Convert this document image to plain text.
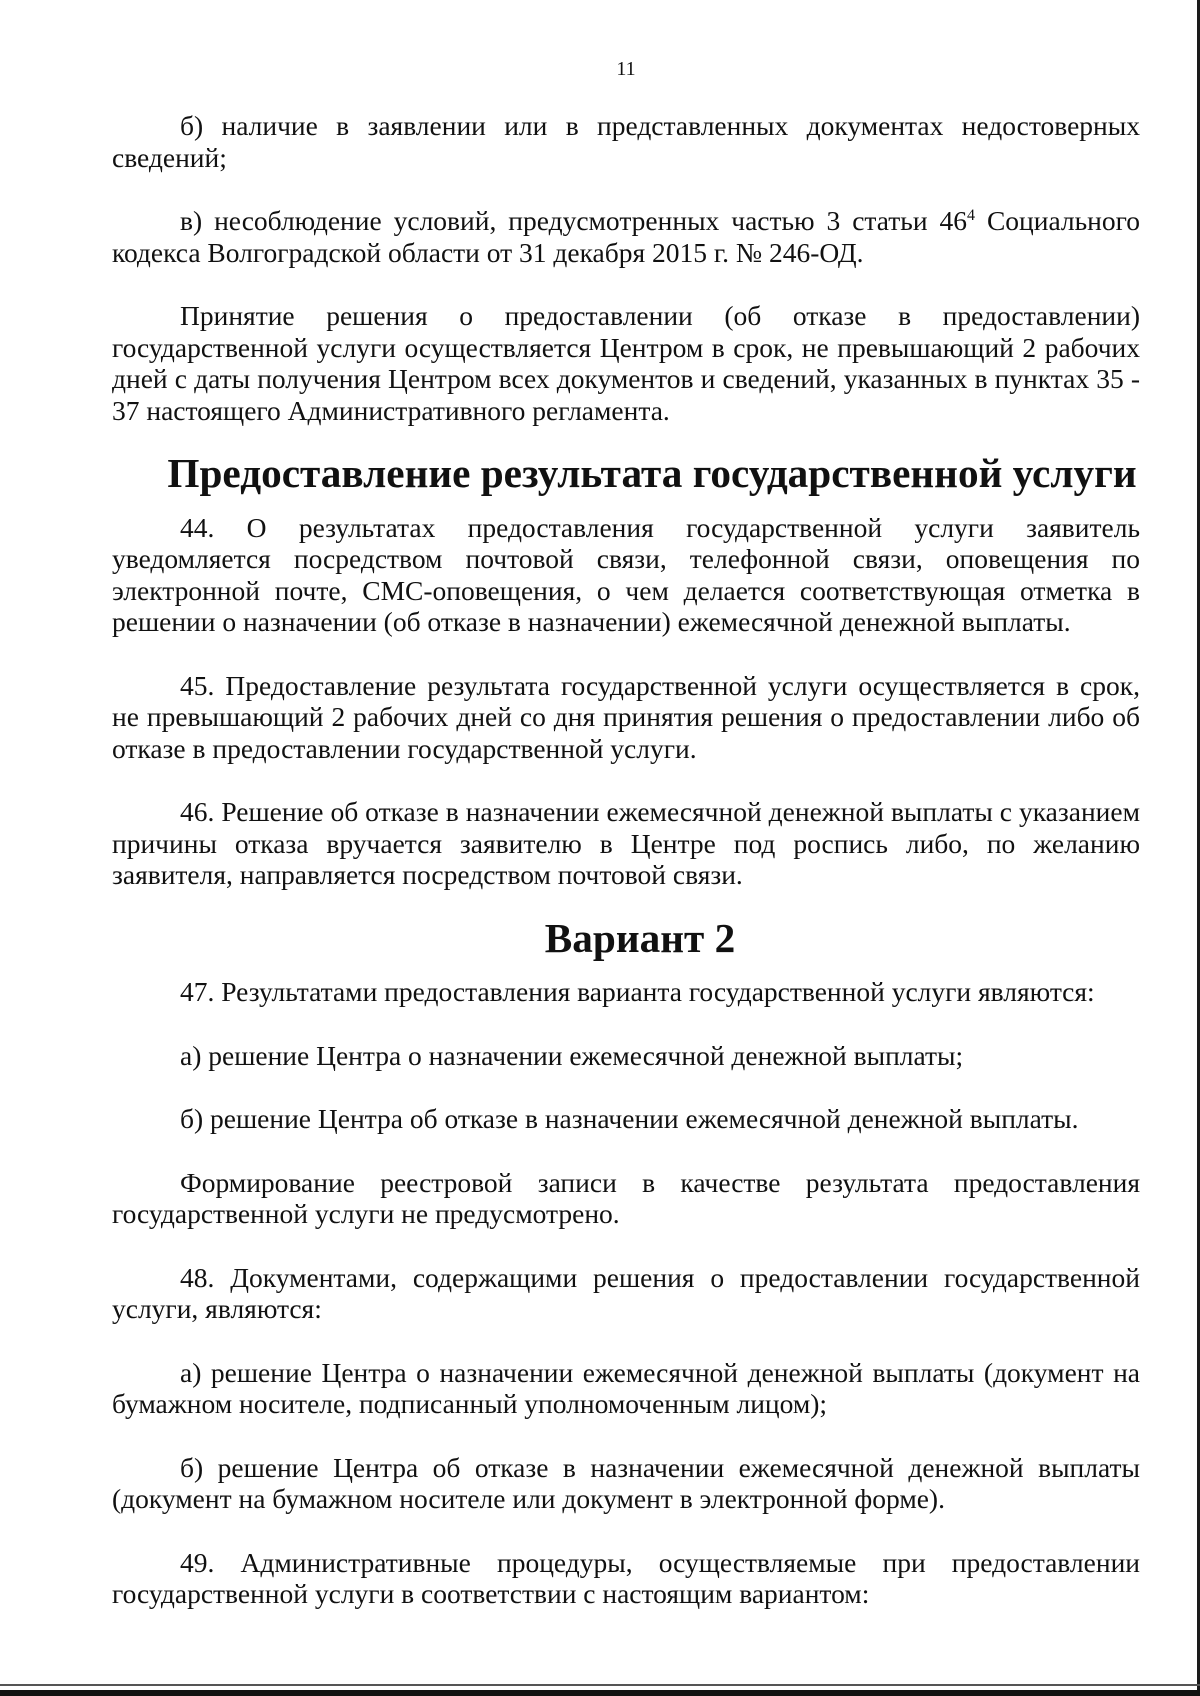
11

б) наличие в заявлении или в представленных документах недостоверных сведений;

в) несоблюдение условий, предусмотренных частью 3 статьи $46^4$ Социального кодекса Волгоградской области от 31 декабря 2015 г. № 246-ОД.

Принятие решения о предоставлении (об отказе в предоставлении) государственной услуги осуществляется Центром в срок, не превышающий 2 рабочих дней с даты получения Центром всех документов и сведений, указанных в пунктах 35 - 37 настоящего Административного регламента.

Предоставление результата государственной услуги

44. О результатах предоставления государственной услуги заявитель уведомляется посредством почтовой связи, телефонной связи, оповещения по электронной почте, СМС-оповещения, о чем делается соответствующая отметка в решении о назначении (об отказе в назначении) ежемесячной денежной выплаты.

45. Предоставление результата государственной услуги осуществляется в срок, не превышающий 2 рабочих дней со дня принятия решения о предоставлении либо об отказе в предоставлении государственной услуги.

46. Решение об отказе в назначении ежемесячной денежной выплаты с указанием причины отказа вручается заявителю в Центре под роспись либо, по желанию заявителя, направляется посредством почтовой связи.

Вариант 2

47. Результатами предоставления варианта государственной услуги являются:

а) решение Центра о назначении ежемесячной денежной выплаты;

б) решение Центра об отказе в назначении ежемесячной денежной выплаты.

Формирование реестровой записи в качестве результата предоставления государственной услуги не предусмотрено.

48. Документами, содержащими решения о предоставлении государственной услуги, являются:

а) решение Центра о назначении ежемесячной денежной выплаты (документ на бумажном носителе, подписанный уполномоченным лицом);

б) решение Центра об отказе в назначении ежемесячной денежной выплаты (документ на бумажном носителе или документ в электронной форме).

49. Административные процедуры, осуществляемые при предоставлении государственной услуги в соответствии с настоящим вариантом:
